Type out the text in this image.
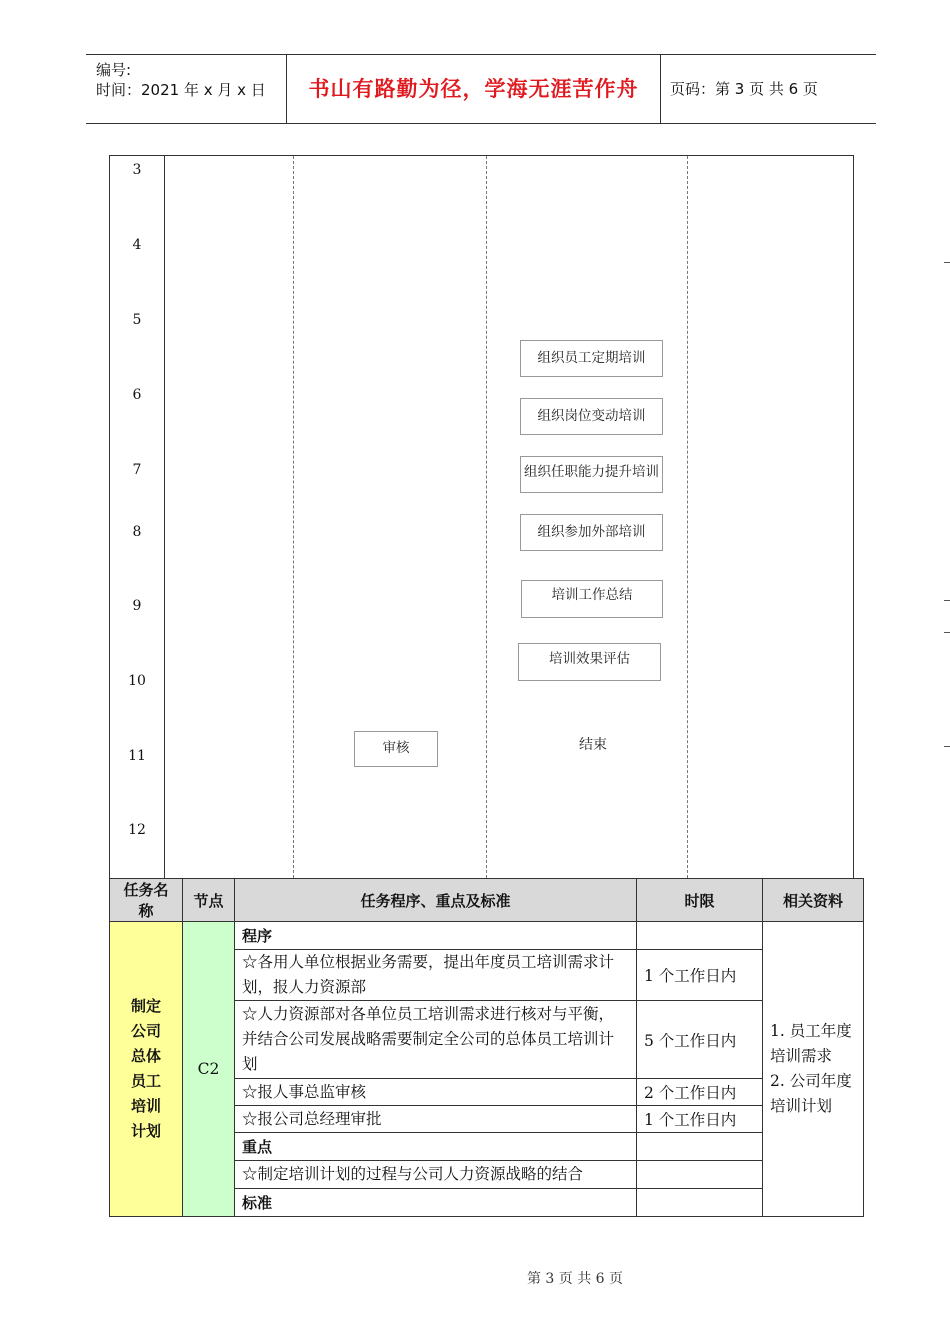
编号:
时间：2021 年 x 月 x 日	书山有路勤为径，学海无涯苦作舟	页码：第 3 页 共 6 页
3
4
5
6
7
8
9
10
11
12
组织员工定期培训
组织岗位变动培训
组织任职能力提升培训
组织参加外部培训
培训工作总结
培训效果评估
审核	结束
任务名称	节点	任务程序、重点及标准	时限	相关资料

制定公司总体员工培训计划	C2	程序		1. 员工年度培训需求
2. 公司年度培训计划

		☆各用人单位根据业务需要，提出年度员工培训需求计划，报人力资源部	1 个工作日内	
		☆人力资源部对各单位员工培训需求进行核对与平衡，并结合公司发展战略需要制定全公司的总体员工培训计划	5 个工作日内	
		☆报人事总监审核	2 个工作日内	
		☆报公司总经理审批	1 个工作日内	
		重点		
		☆制定培训计划的过程与公司人力资源战略的结合		
		标准		
第 3 页 共 6 页
